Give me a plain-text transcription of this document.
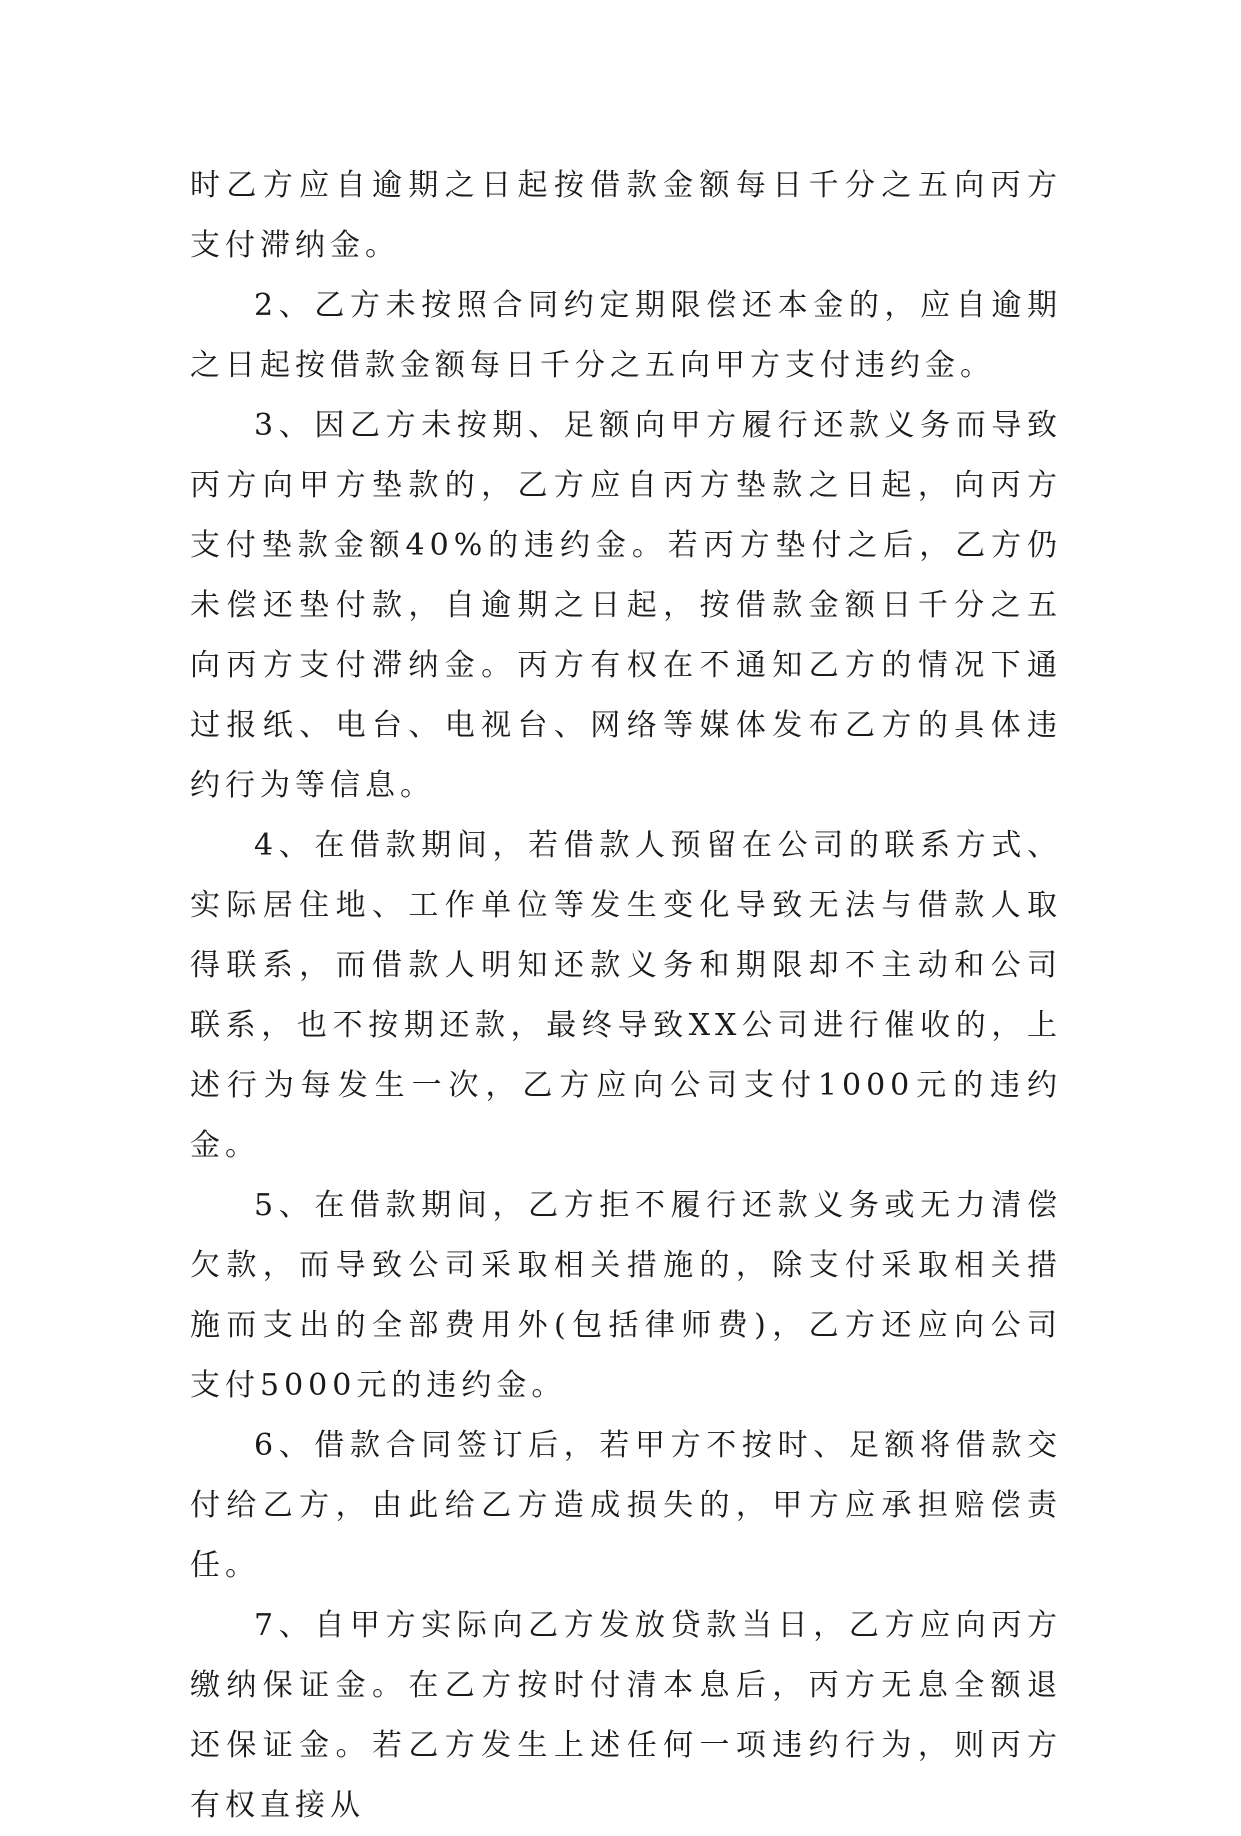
时乙方应自逾期之日起按借款金额每日千分之五向丙方支付滞纳金。

2、乙方未按照合同约定期限偿还本金的，应自逾期之日起按借款金额每日千分之五向甲方支付违约金。

3、因乙方未按期、足额向甲方履行还款义务而导致丙方向甲方垫款的，乙方应自丙方垫款之日起，向丙方支付垫款金额40%的违约金。若丙方垫付之后，乙方仍未偿还垫付款，自逾期之日起，按借款金额日千分之五向丙方支付滞纳金。丙方有权在不通知乙方的情况下通过报纸、电台、电视台、网络等媒体发布乙方的具体违约行为等信息。

4、在借款期间，若借款人预留在公司的联系方式、实际居住地、工作单位等发生变化导致无法与借款人取得联系，而借款人明知还款义务和期限却不主动和公司联系，也不按期还款，最终导致XX公司进行催收的，上述行为每发生一次，乙方应向公司支付1000元的违约金。

5、在借款期间，乙方拒不履行还款义务或无力清偿欠款，而导致公司采取相关措施的，除支付采取相关措施而支出的全部费用外(包括律师费)，乙方还应向公司支付5000元的违约金。

6、借款合同签订后，若甲方不按时、足额将借款交付给乙方，由此给乙方造成损失的，甲方应承担赔偿责任。

7、自甲方实际向乙方发放贷款当日，乙方应向丙方缴纳保证金。在乙方按时付清本息后，丙方无息全额退还保证金。若乙方发生上述任何一项违约行为，则丙方有权直接从
